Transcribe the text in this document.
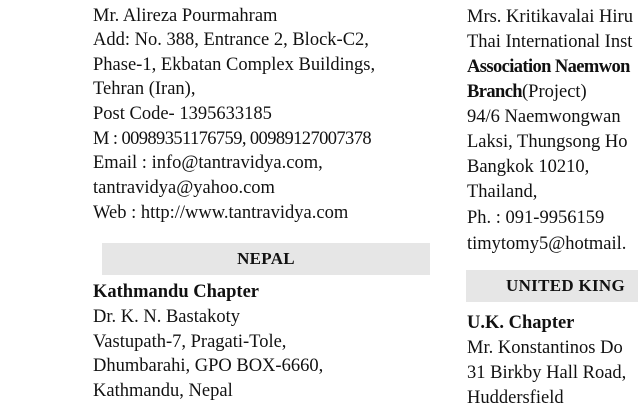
Mr. Alireza Pourmahram
Add: No. 388, Entrance 2, Block-C2,
Phase-1, Ekbatan Complex Buildings,
Tehran (Iran),
Post Code- 1395633185
M : 00989351176759, 00989127007378
Email : info@tantravidya.com,
tantravidya@yahoo.com
Web : http://www.tantravidya.com
Kathmandu Chapter
Dr. K. N. Bastakoty
Vastupath-7, Pragati-Tole,
Dhumbarahi, GPO BOX-6660,
Kathmandu, Nepal
NEPAL
Mrs. Kritikavalai Hiru
Thai International Inst
Association Naemwon
Branch(Project)
94/6 Naemwongwan
Laksi, Thungsong Ho
Bangkok 10210,
Thailand,
Ph. : 091-9956159
timytomy5@hotmail.
U.K. Chapter
Mr. Konstantinos Do
31 Birkby Hall Road,
Huddersfield
UNITED KING
